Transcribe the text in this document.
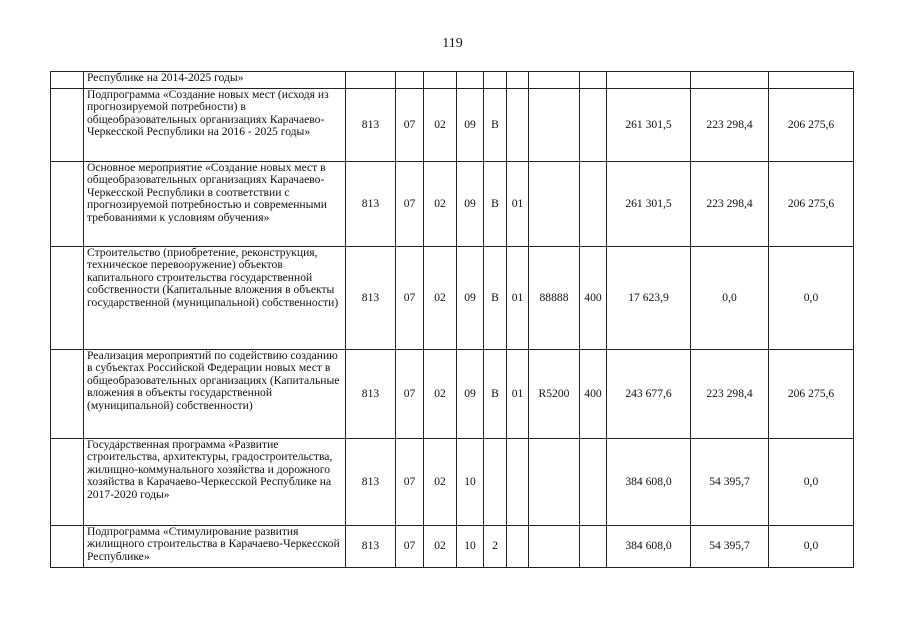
119
	Республике на 2014-2025 годы»											
	Подпрограмма «Создание новых мест (исходя из прогнозируемой потребности) в общеобразовательных организациях Карачаево-Черкесской Республики на 2016 - 2025 годы»	813	07	02	09	В				261 301,5	223 298,4	206 275,6
	Основное мероприятие «Создание новых мест в общеобразовательных организациях Карачаево-Черкесской Республики в соответствии с прогнозируемой потребностью и современными требованиями к условиям обучения»	813	07	02	09	В	01			261 301,5	223 298,4	206 275,6
	Строительство (приобретение, реконструкция, техническое перевооружение) объектов капитального строительства государственной собственности (Капитальные вложения в объекты государственной (муниципальной) собственности)	813	07	02	09	В	01	88888	400	17 623,9	0,0	0,0
	Реализация мероприятий по содействию созданию в субъектах Российской Федерации новых мест в общеобразовательных организациях (Капитальные вложения в объекты государственной (муниципальной) собственности)	813	07	02	09	В	01	R5200	400	243 677,6	223 298,4	206 275,6
	Государственная программа «Развитие строительства, архитектуры, градостроительства, жилищно-коммунального хозяйства и дорожного хозяйства в Карачаево-Черкесской Республике на 2017-2020 годы»	813	07	02	10					384 608,0	54 395,7	0,0
	Подпрограмма «Стимулирование развития жилищного строительства в Карачаево-Черкесской Республике»	813	07	02	10	2				384 608,0	54 395,7	0,0
